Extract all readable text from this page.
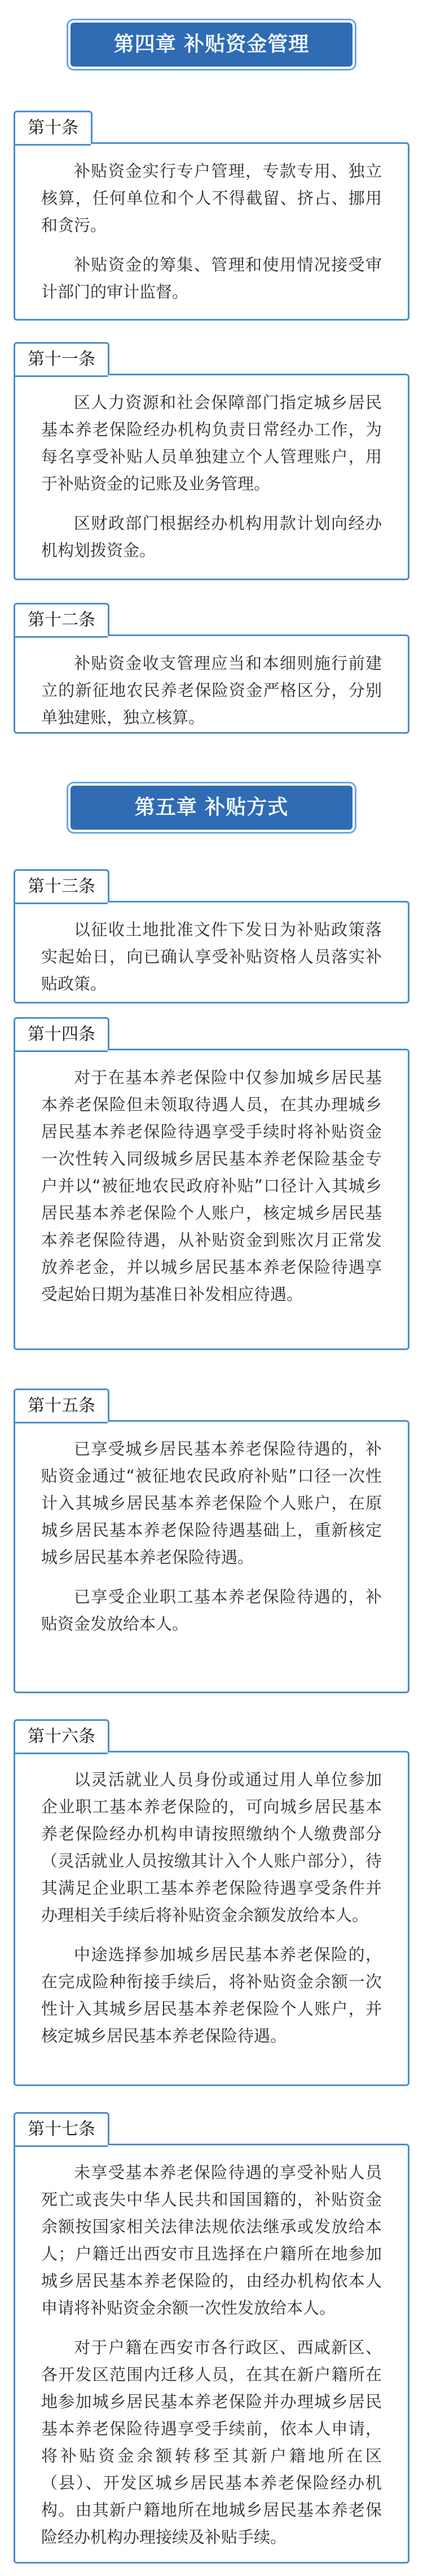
第四章 补贴资金管理
第十条

补贴资金实行专户管理，专款专用、独立核算，任何单位和个人不得截留、挤占、挪用和贪污。

补贴资金的筹集、管理和使用情况接受审计部门的审计监督。

第十一条

区人力资源和社会保障部门指定城乡居民基本养老保险经办机构负责日常经办工作，为每名享受补贴人员单独建立个人管理账户，用于补贴资金的记账及业务管理。

区财政部门根据经办机构用款计划向经办机构划拨资金。

第十二条

补贴资金收支管理应当和本细则施行前建立的新征地农民养老保险资金严格区分，分别单独建账，独立核算。

第五章 补贴方式
第十三条

以征收土地批准文件下发日为补贴政策落实起始日，向已确认享受补贴资格人员落实补贴政策。

第十四条

对于在基本养老保险中仅参加城乡居民基本养老保险但未领取待遇人员，在其办理城乡居民基本养老保险待遇享受手续时将补贴资金一次性转入同级城乡居民基本养老保险基金专户并以“被征地农民政府补贴”口径计入其城乡居民基本养老保险个人账户，核定城乡居民基本养老保险待遇，从补贴资金到账次月正常发放养老金，并以城乡居民基本养老保险待遇享受起始日期为基准日补发相应待遇。

第十五条

已享受城乡居民基本养老保险待遇的，补贴资金通过“被征地农民政府补贴”口径一次性计入其城乡居民基本养老保险个人账户，在原城乡居民基本养老保险待遇基础上，重新核定城乡居民基本养老保险待遇。

已享受企业职工基本养老保险待遇的，补贴资金发放给本人。

第十六条

以灵活就业人员身份或通过用人单位参加企业职工基本养老保险的，可向城乡居民基本养老保险经办机构申请按照缴纳个人缴费部分（灵活就业人员按缴其计入个人账户部分），待其满足企业职工基本养老保险待遇享受条件并办理相关手续后将补贴资金余额发放给本人。

中途选择参加城乡居民基本养老保险的，在完成险种衔接手续后，将补贴资金余额一次性计入其城乡居民基本养老保险个人账户，并核定城乡居民基本养老保险待遇。

第十七条

未享受基本养老保险待遇的享受补贴人员死亡或丧失中华人民共和国国籍的，补贴资金余额按国家相关法律法规依法继承或发放给本人；户籍迁出西安市且选择在户籍所在地参加城乡居民基本养老保险的，由经办机构依本人申请将补贴资金余额一次性发放给本人。

对于户籍在西安市各行政区、西咸新区、各开发区范围内迁移人员，在其在新户籍所在地参加城乡居民基本养老保险并办理城乡居民基本养老保险待遇享受手续前，依本人申请，将补贴资金余额转移至其新户籍地所在区（县）、开发区城乡居民基本养老保险经办机构。由其新户籍地所在地城乡居民基本养老保险经办机构办理接续及补贴手续。
